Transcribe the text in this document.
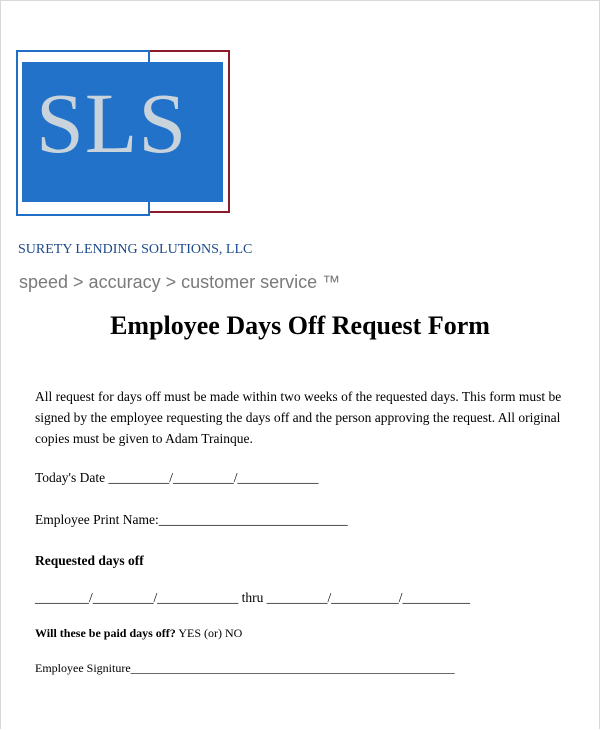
SLS
SURETY LENDING SOLUTIONS, LLC
speed > accuracy > customer service ™
Employee Days Off Request Form
All request for days off must be made within two weeks of the requested days. This form must be signed by the employee requesting the days off and the person approving the request. All original copies must be given to Adam Trainque.
Today's Date _________/_________/____________
Employee Print Name:____________________________
Requested days off
________/_________/____________ thru _________/__________/__________
Will these be paid days off? YES (or) NO
Employee Signiture______________________________________________________
